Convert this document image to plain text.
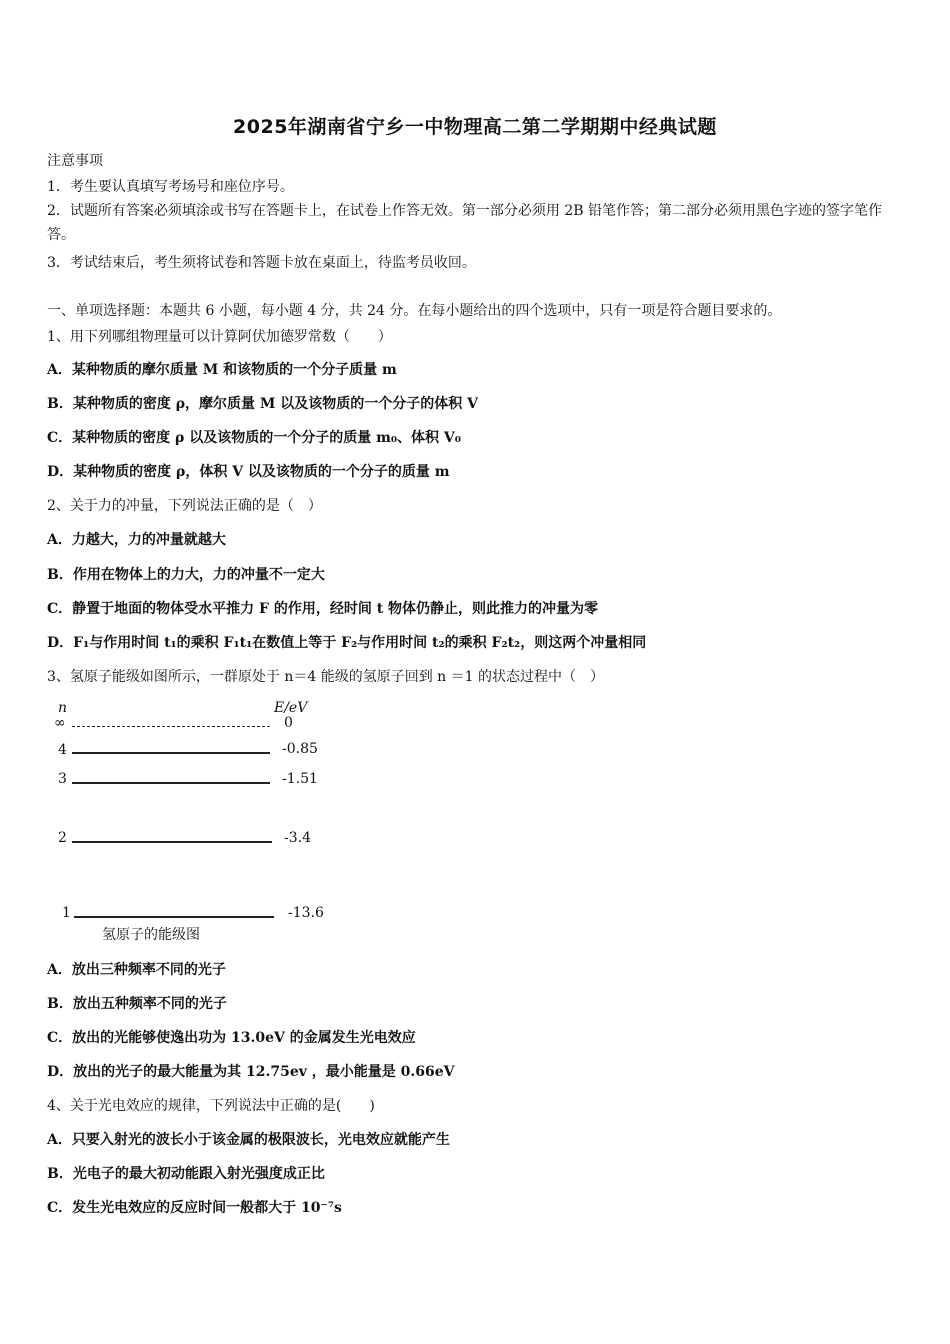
2025年湖南省宁乡一中物理高二第二学期期中经典试题
注意事项
1．考生要认真填写考场号和座位序号。
2．试题所有答案必须填涂或书写在答题卡上，在试卷上作答无效。第一部分必须用 2B 铅笔作答；第二部分必须用黑色字迹的签字笔作答。
3．考试结束后，考生须将试卷和答题卡放在桌面上，待监考员收回。
一、单项选择题：本题共 6 小题，每小题 4 分，共 24 分。在每小题给出的四个选项中，只有一项是符合题目要求的。
1、用下列哪组物理量可以计算阿伏加德罗常数（　　）
A．某种物质的摩尔质量 M 和该物质的一个分子质量 m
B．某种物质的密度 ρ，摩尔质量 M 以及该物质的一个分子的体积 V
C．某种物质的密度 ρ 以及该物质的一个分子的质量 m₀、体积 V₀
D．某种物质的密度 ρ，体积 V 以及该物质的一个分子的质量 m
2、关于力的冲量，下列说法正确的是（　）
A．力越大，力的冲量就越大
B．作用在物体上的力大，力的冲量不一定大
C．静置于地面的物体受水平推力 F 的作用，经时间 t 物体仍静止，则此推力的冲量为零
D．F₁与作用时间 t₁的乘积 F₁t₁在数值上等于 F₂与作用时间 t₂的乘积 F₂t₂，则这两个冲量相同
3、氢原子能级如图所示，一群原处于 n＝4 能级的氢原子回到 n ＝1 的状态过程中（　）
n	E/eV
∞	0
4	-0.85
3	-1.51
2	-3.4
1	-13.6
氢原子的能级图
A．放出三种频率不同的光子
B．放出五种频率不同的光子
C．放出的光能够使逸出功为 13.0eV 的金属发生光电效应
D．放出的光子的最大能量为其 12.75ev ，最小能量是 0.66eV
4、关于光电效应的规律，下列说法中正确的是(　　)
A．只要入射光的波长小于该金属的极限波长，光电效应就能产生
B．光电子的最大初动能跟入射光强度成正比
C．发生光电效应的反应时间一般都大于 10⁻⁷s
